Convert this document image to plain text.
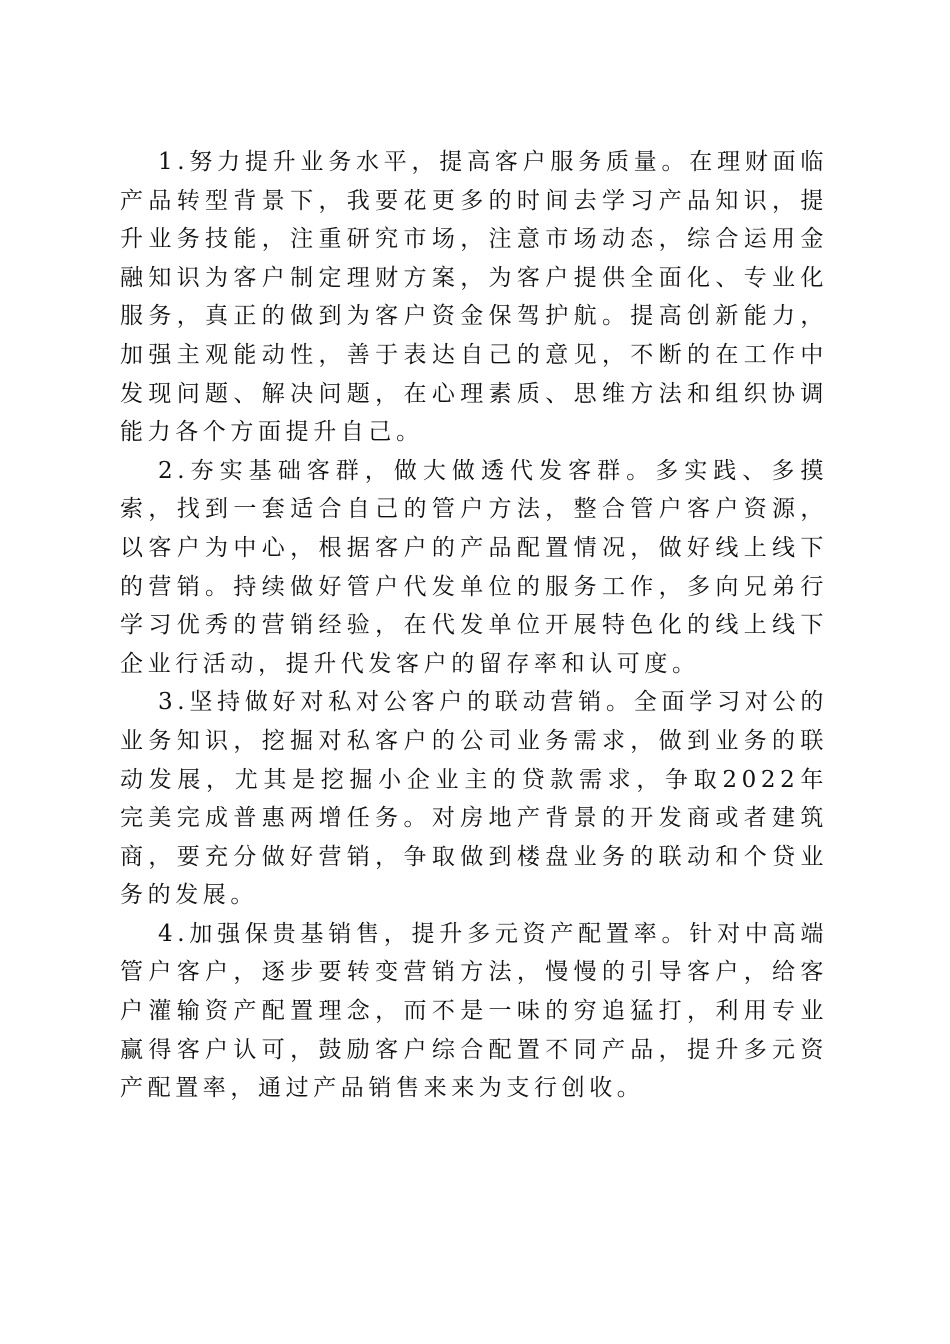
1.努力提升业务水平，提高客户服务质量。在理财面临产品转型背景下，我要花更多的时间去学习产品知识，提升业务技能，注重研究市场，注意市场动态，综合运用金融知识为客户制定理财方案，为客户提供全面化、专业化服务，真正的做到为客户资金保驾护航。提高创新能力，加强主观能动性，善于表达自己的意见，不断的在工作中发现问题、解决问题，在心理素质、思维方法和组织协调能力各个方面提升自己。

2.夯实基础客群，做大做透代发客群。多实践、多摸索，找到一套适合自己的管户方法，整合管户客户资源，以客户为中心，根据客户的产品配置情况，做好线上线下的营销。持续做好管户代发单位的服务工作，多向兄弟行学习优秀的营销经验，在代发单位开展特色化的线上线下企业行活动，提升代发客户的留存率和认可度。

3.坚持做好对私对公客户的联动营销。全面学习对公的业务知识，挖掘对私客户的公司业务需求，做到业务的联动发展，尤其是挖掘小企业主的贷款需求，争取2022年完美完成普惠两增任务。对房地产背景的开发商或者建筑商，要充分做好营销，争取做到楼盘业务的联动和个贷业务的发展。

4.加强保贵基销售，提升多元资产配置率。针对中高端管户客户，逐步要转变营销方法，慢慢的引导客户，给客户灌输资产配置理念，而不是一味的穷追猛打，利用专业赢得客户认可，鼓励客户综合配置不同产品，提升多元资产配置率，通过产品销售来来为支行创收。
